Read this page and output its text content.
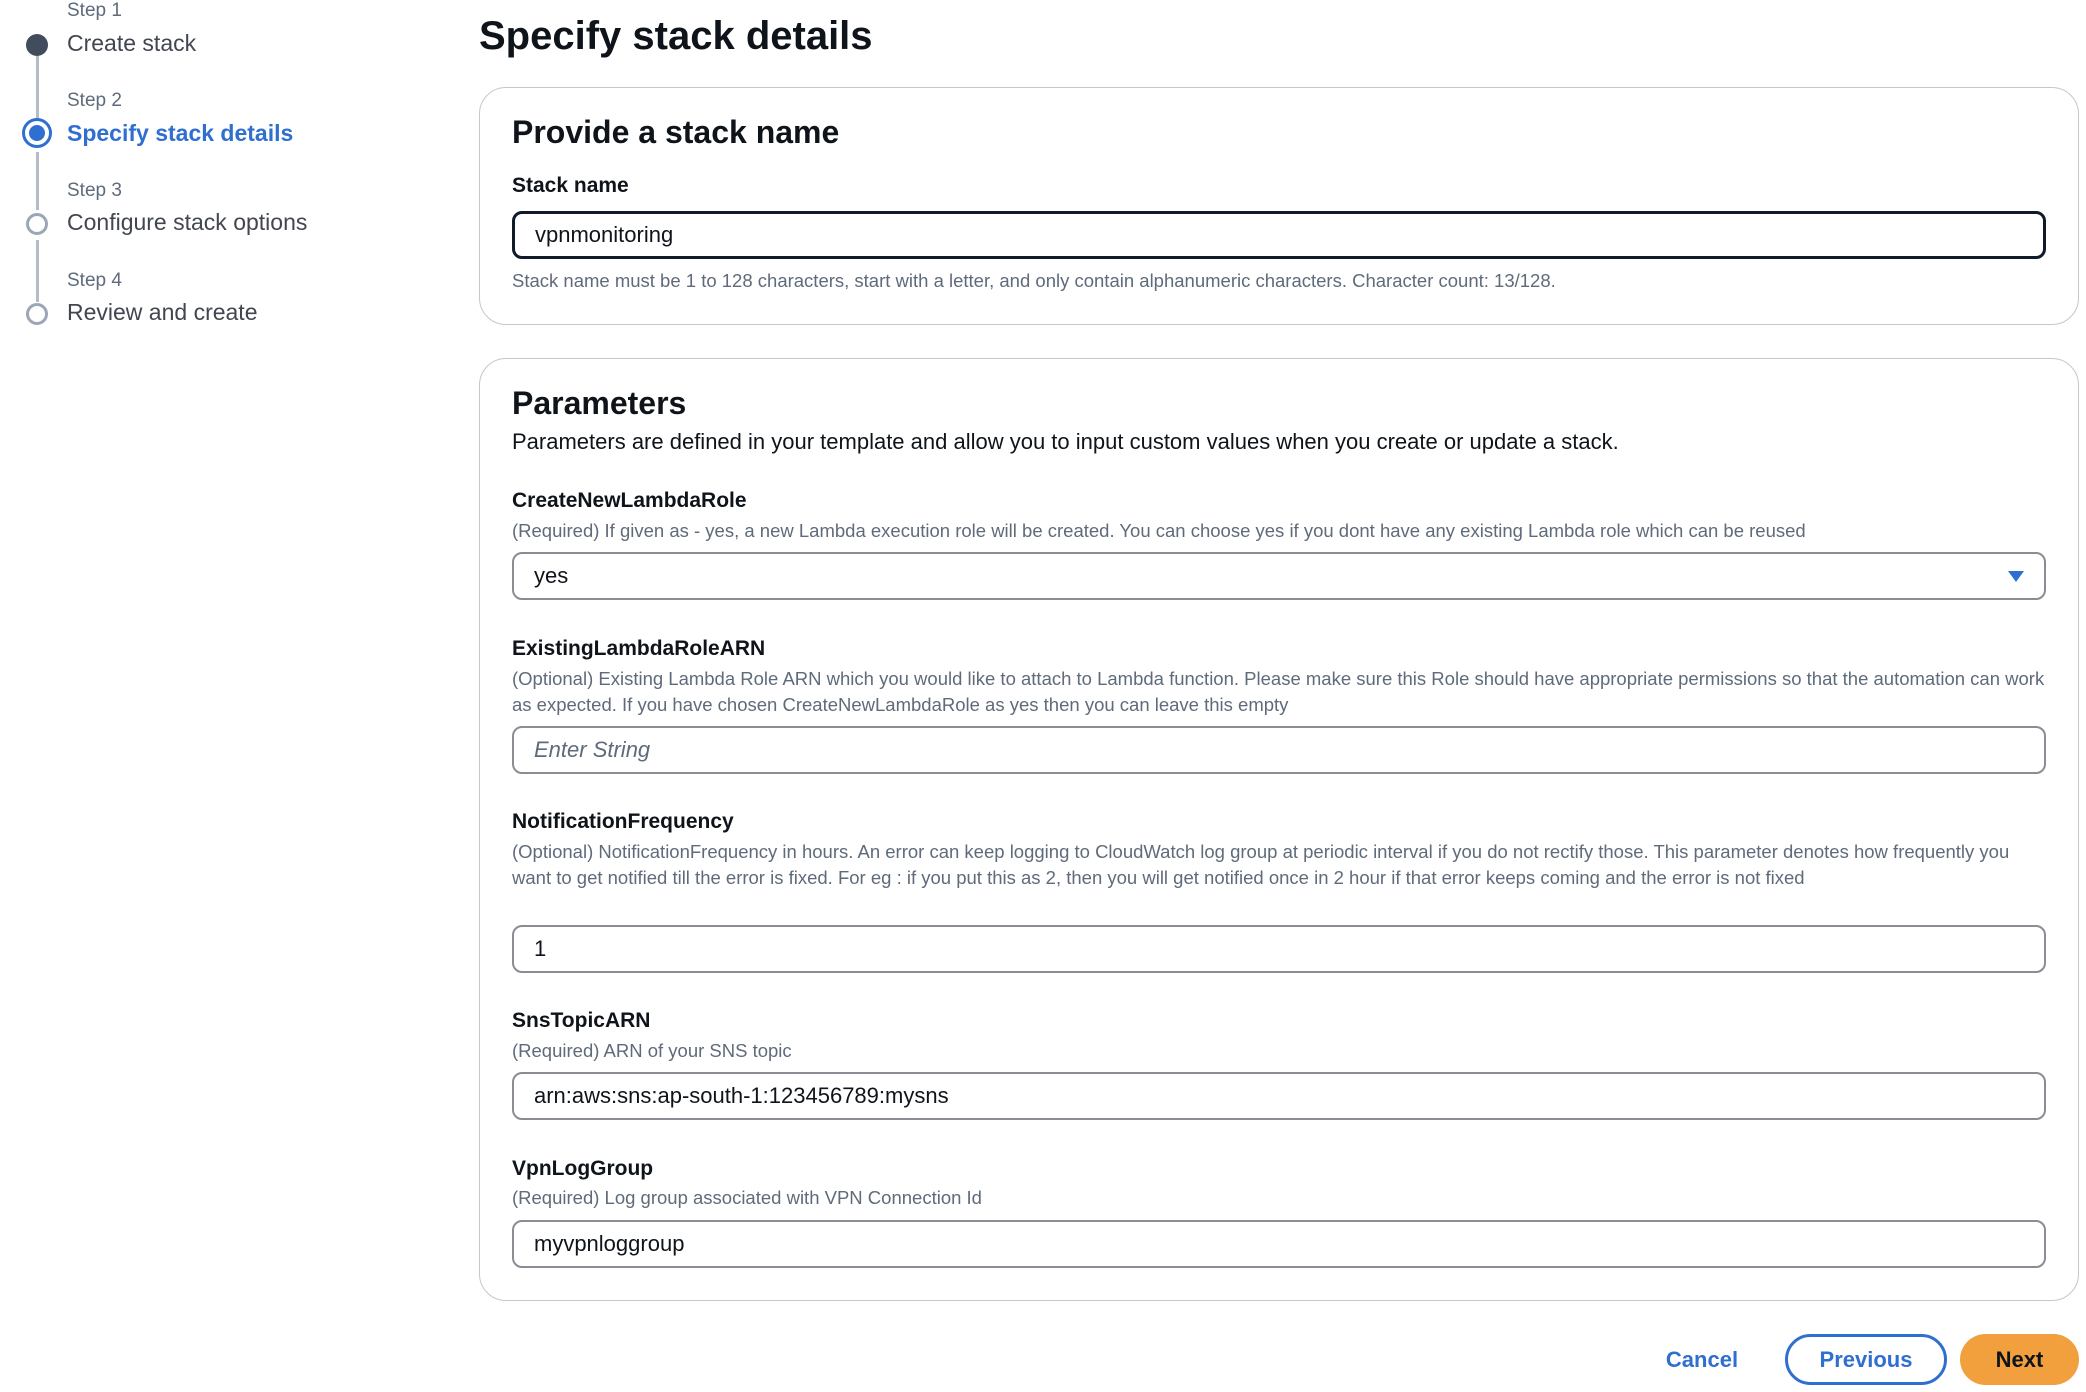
Step 1
Create stack
Step 2
Specify stack details
Step 3
Configure stack options
Step 4
Review and create
Specify stack details
Provide a stack name
Stack name
vpnmonitoring
Stack name must be 1 to 128 characters, start with a letter, and only contain alphanumeric characters. Character count: 13/128.
Parameters
Parameters are defined in your template and allow you to input custom values when you create or update a stack.
CreateNewLambdaRole
(Required) If given as - yes, a new Lambda execution role will be created. You can choose yes if you dont have any existing Lambda role which can be reused
yes
ExistingLambdaRoleARN
(Optional) Existing Lambda Role ARN which you would like to attach to Lambda function. Please make sure this Role should have appropriate permissions so that the automation can work as expected. If you have chosen CreateNewLambdaRole as yes then you can leave this empty
Enter String
NotificationFrequency
(Optional) NotificationFrequency in hours. An error can keep logging to CloudWatch log group at periodic interval if you do not rectify those. This parameter denotes how frequently you want to get notified till the error is fixed. For eg : if you put this as 2, then you will get notified once in 2 hour if that error keeps coming and the error is not fixed
1
SnsTopicARN
(Required) ARN of your SNS topic
arn:aws:sns:ap-south-1:123456789:mysns
VpnLogGroup
(Required) Log group associated with VPN Connection Id
myvpnloggroup
Cancel	Previous	Next
